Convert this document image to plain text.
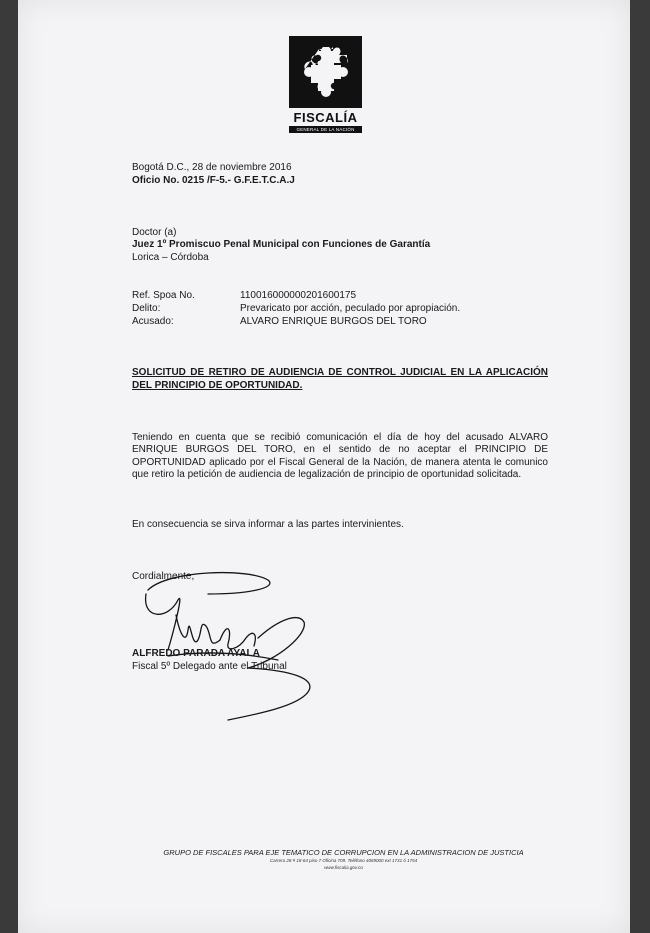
FISCALÍA
GENERAL DE LA NACIÓN
Bogotá D.C., 28 de noviembre 2016
Oficio No. 0215 /F-5.- G.F.E.T.C.A.J
Doctor (a)
Juez 1º Promiscuo Penal Municipal con Funciones de Garantía
Lorica – Córdoba
Ref. Spoa No.	110016000000201600175
Delito:	Prevaricato por acción, peculado por apropiación.
Acusado:	ALVARO ENRIQUE BURGOS DEL TORO
SOLICITUD DE RETIRO DE AUDIENCIA DE CONTROL JUDICIAL EN LA APLICACIÓN DEL PRINCIPIO DE OPORTUNIDAD.
Teniendo en cuenta que se recibió comunicación el día de hoy del acusado ALVARO ENRIQUE BURGOS DEL TORO, en el sentido de no aceptar el PRINCIPIO DE OPORTUNIDAD aplicado por el Fiscal General de la Nación, de manera atenta le comunico que retiro la petición de audiencia de legalización de principio de oportunidad solicitada.
En consecuencia se sirva informar a las partes intervinientes.
Cordialmente,
ALFREDO PARADA AYALA
Fiscal 5º Delegado ante el Tribunal
GRUPO DE FISCALES PARA EJE TEMATICO DE CORRUPCION EN LA ADMINISTRACION DE JUSTICIA
Carrera 28 # 18-64 piso 7 Oficina 709. Teléfono 4069000 ext 1731 ó 1754
www.fiscalia.gov.co
